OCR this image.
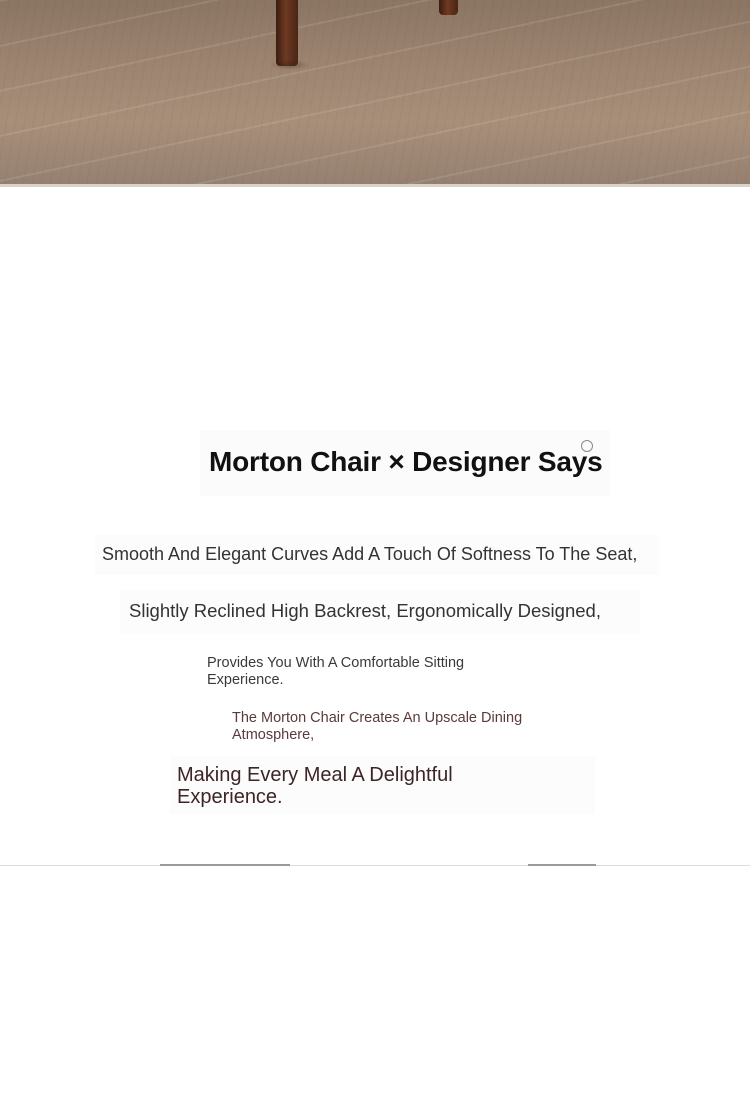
Morton Chair × Designer Says

Smooth And Elegant Curves Add A Touch Of Softness To The Seat,

Slightly Reclined High Backrest, Ergonomically Designed,

Provides You With A Comfortable Sitting Experience.

The Morton Chair Creates An Upscale Dining Atmosphere,

Making Every Meal A Delightful Experience.
